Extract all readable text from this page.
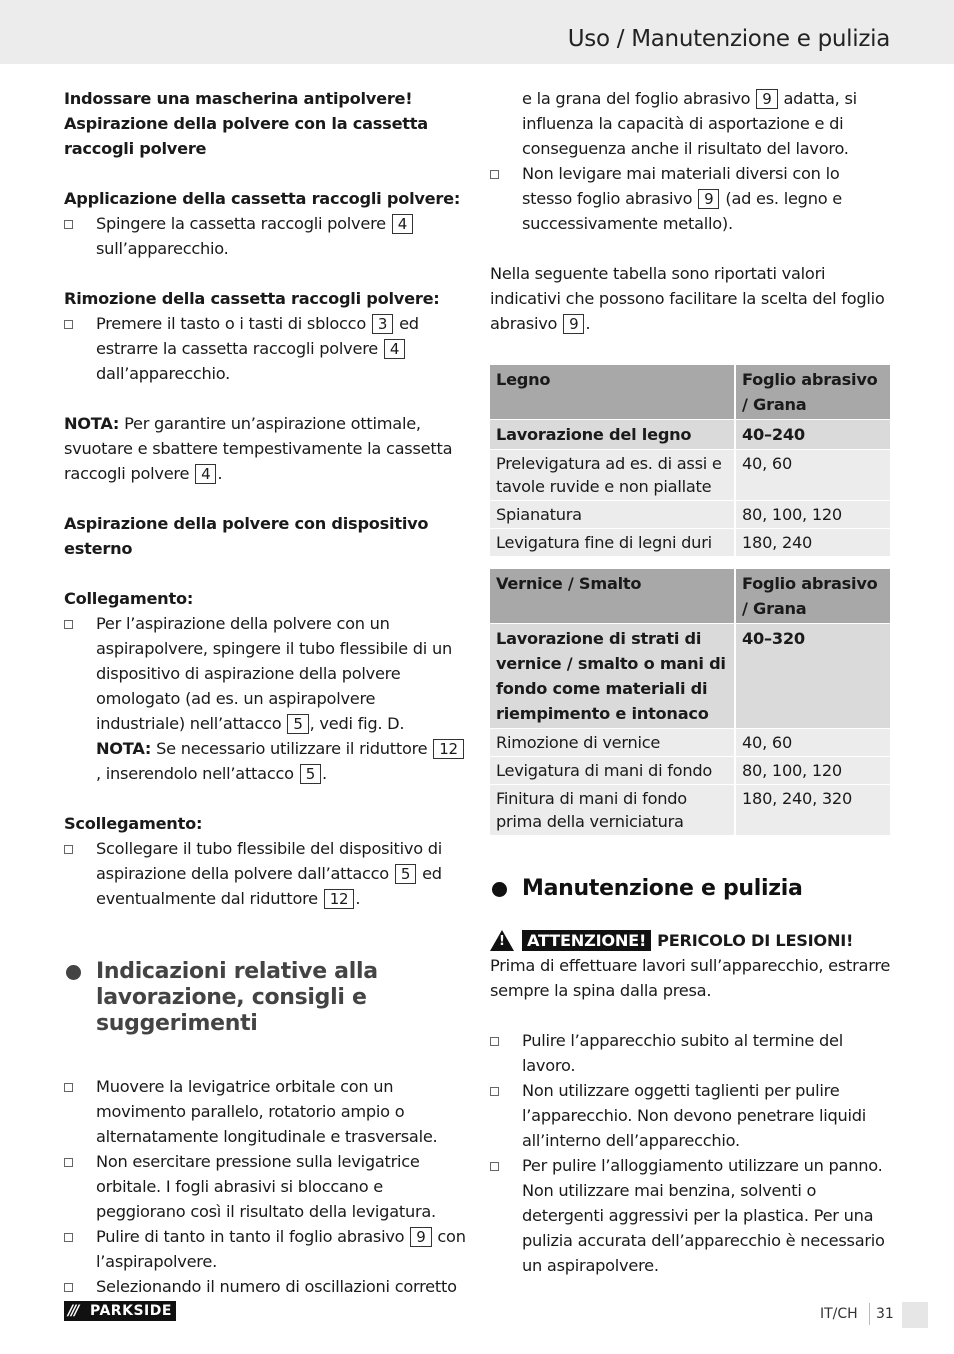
Uso / Manutenzione e pulizia

Indossare una mascherina antipolvere!

Aspirazione della polvere con la cassetta raccogli polvere

Applicazione della cassetta raccogli polvere:

Spingere la cassetta raccogli polvere 4 sull’apparecchio.

Rimozione della cassetta raccogli polvere:

Premere il tasto o i tasti di sblocco 3 ed estrarre la cassetta raccogli polvere 4 dall’apparecchio.

NOTA: Per garantire un’aspirazione ottimale, svuotare e sbattere tempestivamente la cassetta raccogli polvere 4 .

Aspirazione della polvere con dispositivo esterno

Collegamento:

Per l’aspirazione della polvere con un aspirapolvere, spingere il tubo flessibile di un dispositivo di aspirazione della polvere omologato (ad es. un aspirapolvere industriale) nell’attacco 5 , vedi fig. D.
NOTA: Se necessario utilizzare il riduttore 12, inserendolo nell’attacco 5 .

Scollegamento:

Scollegare il tubo flessibile del dispositivo di aspirazione della polvere dall’attacco 5 ed eventualmente dal riduttore 12 .
Indicazioni relative alla lavorazione, consigli e suggerimenti
Muovere la levigatrice orbitale con un movimento parallelo, rotatorio ampio o alternatamente longitudinale e trasversale.
Non esercitare pressione sulla levigatrice orbitale. I fogli abrasivi si bloccano e peggiorano così il risultato della levigatura.
Pulire di tanto in tanto il foglio abrasivo 9 con l’aspirapolvere.
Selezionando il numero di oscillazioni corretto
e la grana del foglio abrasivo 9 adatta, si influenza la capacità di asportazione e di conseguenza anche il risultato del lavoro.
Non levigare mai materiali diversi con lo stesso foglio abrasivo 9 (ad es. legno e successivamente metallo).

Nella seguente tabella sono riportati valori indicativi che possono facilitare la scelta del foglio abrasivo 9 .

Legno	Foglio abrasivo / Grana
Lavorazione del legno	40–240
Prelevigatura ad es. di assi e tavole ruvide e non piallate	40, 60
Spianatura	80, 100, 120
Levigatura fine di legni duri	180, 240
Vernice / Smalto	Foglio abrasivo / Grana
Lavorazione di strati di vernice / smalto o mani di fondo come materiali di riempimento e intonaco	40–320
Rimozione di vernice	40, 60
Levigatura di mani di fondo	80, 100, 120
Finitura di mani di fondo prima della verniciatura	180, 240, 320
Manutenzione e pulizia
!	ATTENZIONE! PERICOLO DI LESIONI!

Prima di effettuare lavori sull’apparecchio, estrarre sempre la spina dalla presa.

Pulire l’apparecchio subito al termine del lavoro.
Non utilizzare oggetti taglienti per pulire l’apparecchio. Non devono penetrare liquidi all’interno dell’apparecchio.
Per pulire l’alloggiamento utilizzare un panno. Non utilizzare mai benzina, solventi o detergenti aggressivi per la plastica. Per una pulizia accurata dell’apparecchio è necessario un aspirapolvere.
/// PARKSIDE	IT/CH 31
